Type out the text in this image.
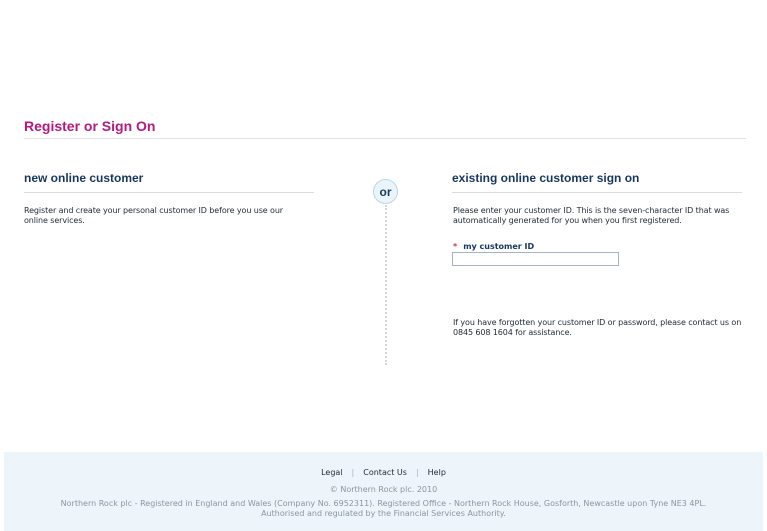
Register or Sign On
new online customer
Register and create your personal customer ID before you use our online services.
or
existing online customer sign on
Please enter your customer ID. This is the seven-character ID that was automatically generated for you when you first registered.
* my customer ID
If you have forgotten your customer ID or password, please contact us on 0845 608 1604 for assistance.
Legal | Contact Us | Help
© Northern Rock plc. 2010
Northern Rock plc - Registered in England and Wales (Company No. 6952311). Registered Office - Northern Rock House, Gosforth, Newcastle upon Tyne NE3 4PL.
Authorised and regulated by the Financial Services Authority.
